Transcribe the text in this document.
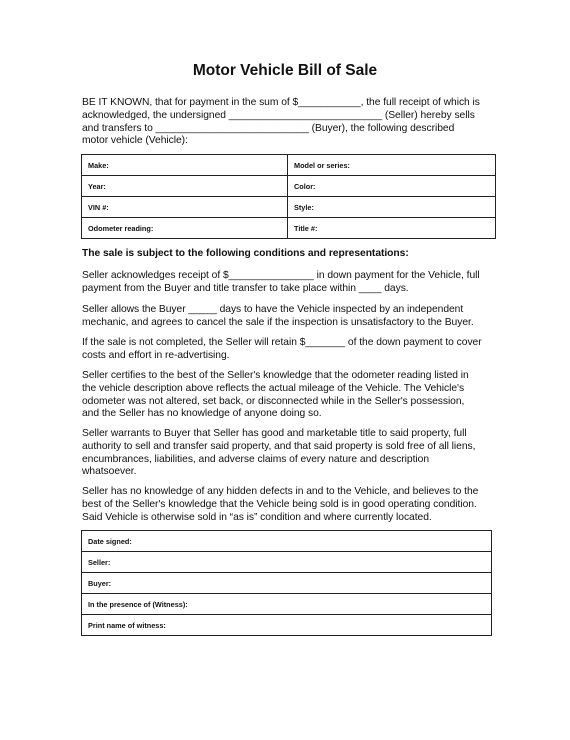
Motor Vehicle Bill of Sale

BE IT KNOWN, that for payment in the sum of $___________, the full receipt of which is
acknowledged, the undersigned ___________________________ (Seller) hereby sells
and transfers to ___________________________ (Buyer), the following described
motor vehicle (Vehicle):

Make:	Model or series:
Year:	Color:
VIN #:	Style:
Odometer reading:	Title #:

The sale is subject to the following conditions and representations:

Seller acknowledges receipt of $_______________ in down payment for the Vehicle, full
payment from the Buyer and title transfer to take place within ____ days.

Seller allows the Buyer _____ days to have the Vehicle inspected by an independent
mechanic, and agrees to cancel the sale if the inspection is unsatisfactory to the Buyer.

If the sale is not completed, the Seller will retain $_______ of the down payment to cover
costs and effort in re-advertising.

Seller certifies to the best of the Seller's knowledge that the odometer reading listed in
the vehicle description above reflects the actual mileage of the Vehicle. The Vehicle's
odometer was not altered, set back, or disconnected while in the Seller's possession,
and the Seller has no knowledge of anyone doing so.

Seller warrants to Buyer that Seller has good and marketable title to said property, full
authority to sell and transfer said property, and that said property is sold free of all liens,
encumbrances, liabilities, and adverse claims of every nature and description
whatsoever.

Seller has no knowledge of any hidden defects in and to the Vehicle, and believes to the
best of the Seller's knowledge that the Vehicle being sold is in good operating condition.
Said Vehicle is otherwise sold in “as is” condition and where currently located.

Date signed:
Seller:
Buyer:
In the presence of (Witness):
Print name of witness:
